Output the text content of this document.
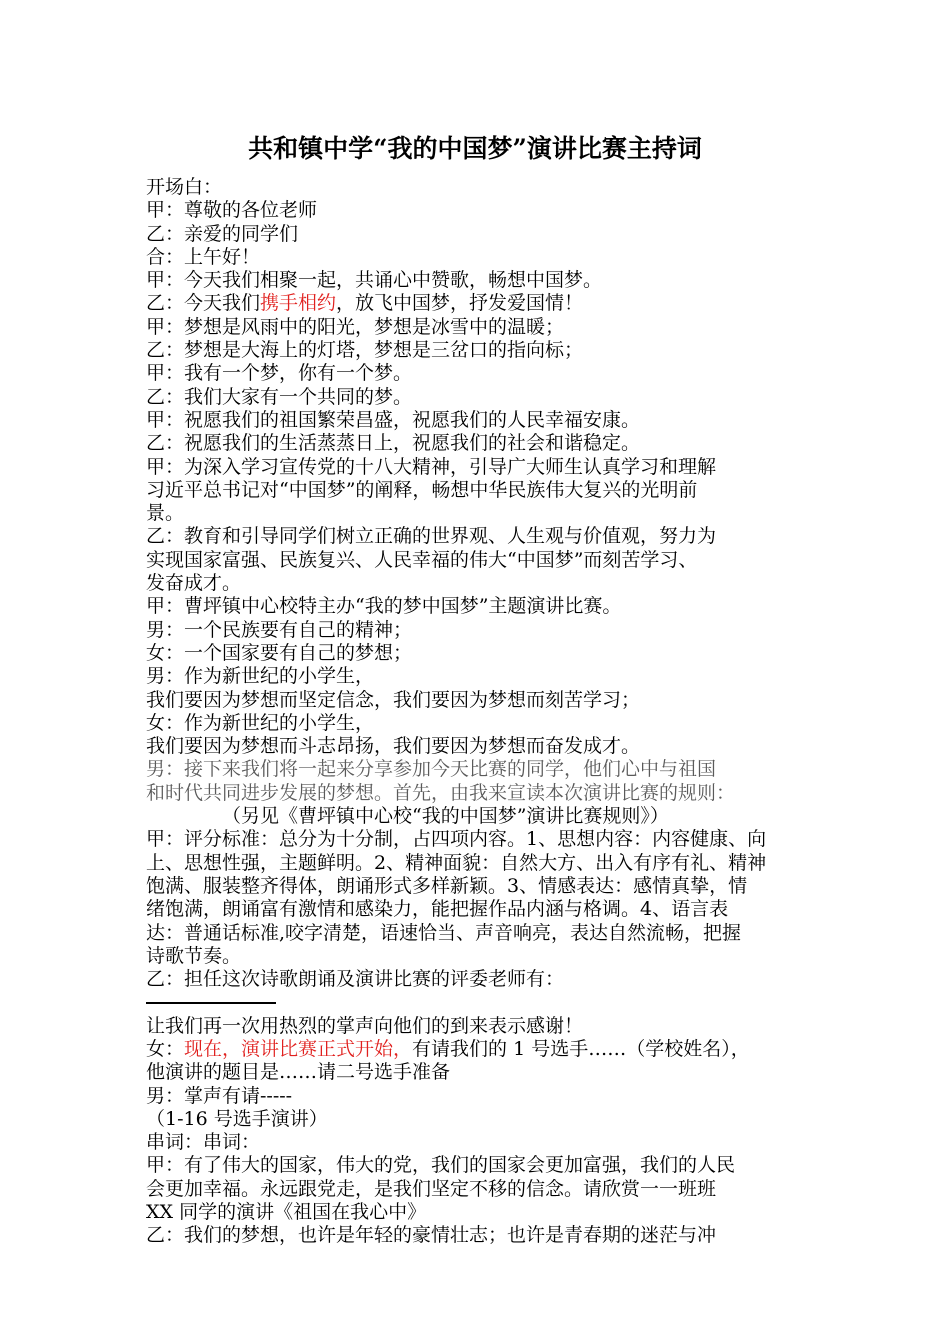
共和镇中学“我的中国梦”演讲比赛主持词
开场白：
甲：尊敬的各位老师
乙：亲爱的同学们
合：上午好！
甲：今天我们相聚一起，共诵心中赞歌，畅想中国梦。
乙：今天我们携手相约，放飞中国梦，抒发爱国情！
甲：梦想是风雨中的阳光，梦想是冰雪中的温暖；
乙：梦想是大海上的灯塔，梦想是三岔口的指向标；
甲：我有一个梦，你有一个梦。
乙：我们大家有一个共同的梦。
甲：祝愿我们的祖国繁荣昌盛，祝愿我们的人民幸福安康。
乙：祝愿我们的生活蒸蒸日上，祝愿我们的社会和谐稳定。
甲：为深入学习宣传党的十八大精神，引导广大师生认真学习和理解
习近平总书记对“中国梦”的阐释，畅想中华民族伟大复兴的光明前
景。
乙：教育和引导同学们树立正确的世界观、人生观与价值观，努力为
实现国家富强、民族复兴、人民幸福的伟大“中国梦”而刻苦学习、
发奋成才。
甲：曹坪镇中心校特主办“我的梦中国梦”主题演讲比赛。
男：一个民族要有自己的精神；
女：一个国家要有自己的梦想；
男：作为新世纪的小学生，
我们要因为梦想而坚定信念，我们要因为梦想而刻苦学习；
女：作为新世纪的小学生，
我们要因为梦想而斗志昂扬，我们要因为梦想而奋发成才。
男：接下来我们将一起来分享参加今天比赛的同学，他们心中与祖国
和时代共同进步发展的梦想。首先，由我来宣读本次演讲比赛的规则：
（另见《曹坪镇中心校“我的中国梦”演讲比赛规则》）
甲：评分标准：总分为十分制，占四项内容。1、思想内容：内容健康、向
上、思想性强，主题鲜明。2、精神面貌：自然大方、出入有序有礼、精神
饱满、服装整齐得体，朗诵形式多样新颖。3、情感表达：感情真挚，情
绪饱满，朗诵富有激情和感染力，能把握作品内涵与格调。4、语言表
达：普通话标准,咬字清楚，语速恰当、声音响亮，表达自然流畅，把握
诗歌节奏。
乙：担任这次诗歌朗诵及演讲比赛的评委老师有：
让我们再一次用热烈的掌声向他们的到来表示感谢！
女：现在，演讲比赛正式开始，有请我们的 1 号选手……（学校姓名），
他演讲的题目是……请二号选手准备
男：掌声有请-----
（1-16 号选手演讲）
串词：串词：
甲：有了伟大的国家，伟大的党，我们的国家会更加富强，我们的人民
会更加幸福。永远跟党走，是我们坚定不移的信念。请欣赏一一班班
XX 同学的演讲《祖国在我心中》
乙：我们的梦想，也许是年轻的豪情壮志；也许是青春期的迷茫与冲
